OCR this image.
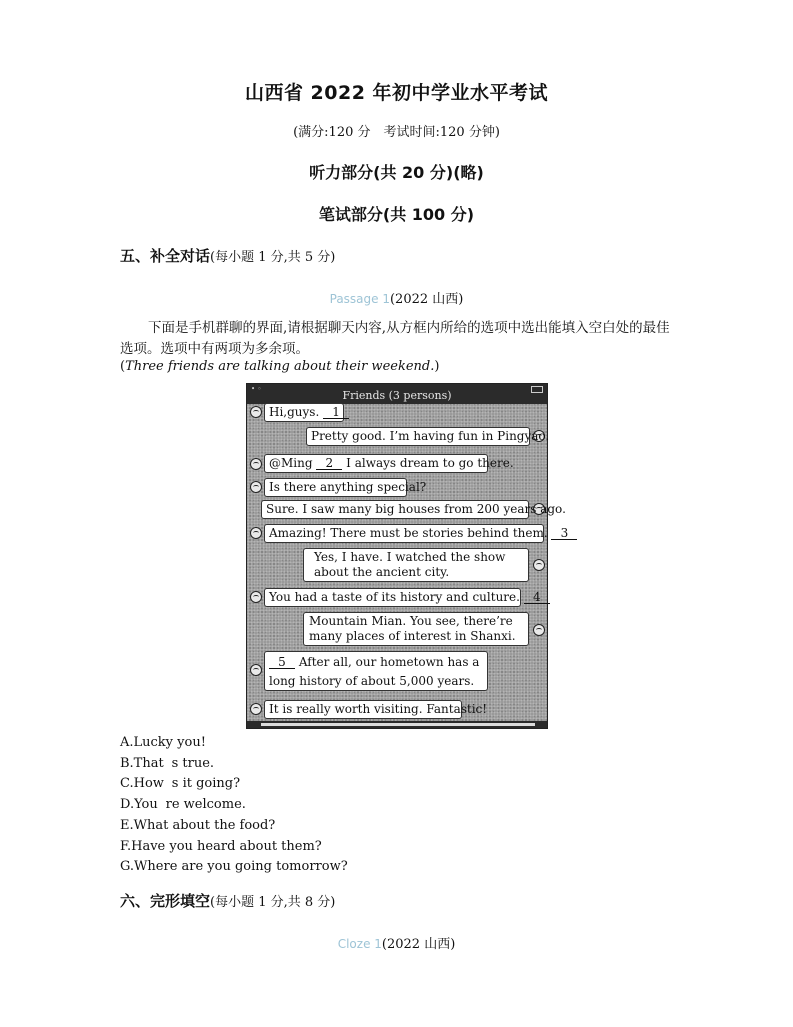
山西省 2022 年初中学业水平考试
(满分:120 分　考试时间:120 分钟)
听力部分(共 20 分)(略)
笔试部分(共 100 分)
五、补全对话(每小题 1 分,共 5 分)
Passage 1(2022 山西)
下面是手机群聊的界面,请根据聊天内容,从方框内所给的选项中选出能填入空白处的最佳选项。选项中有两项为多余项。
(Three friends are talking about their weekend.)
• ◦	Friends (3 persons)
Hi,guys. 1
Pretty good. I’m having fun in Pingyao.
@Ming 2 I always dream to go there.
Is there anything special?
Sure. I saw many big houses from 200 years ago.
Amazing! There must be stories behind them. 3
Yes, I have. I watched the show about the ancient city.
You had a taste of its history and culture. 4
Mountain Mian. You see, there’re many places of interest in Shanxi.
5 After all, our hometown has a long history of about 5,000 years.
It is really worth visiting. Fantastic!
A.Lucky you!
B.Thats true.
C.Hows it going?
D.Youre welcome.
E.What about the food?
F.Have you heard about them?
G.Where are you going tomorrow?
六、完形填空(每小题 1 分,共 8 分)
Cloze 1(2022 山西)
